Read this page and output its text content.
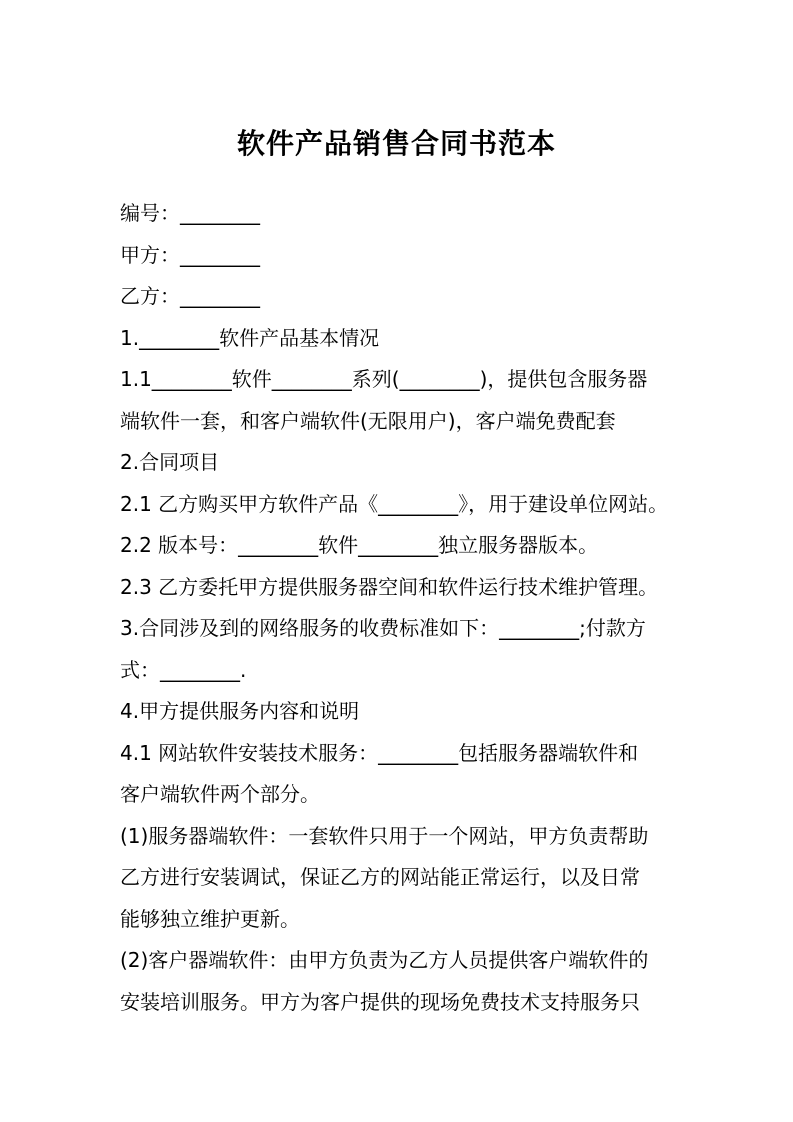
软件产品销售合同书范本
编号：________
甲方：________
乙方：________
1.________软件产品基本情况
1.1________软件________系列(________)，提供包含服务器
端软件一套，和客户端软件(无限用户)，客户端免费配套
2.合同项目
2.1 乙方购买甲方软件产品《________》，用于建设单位网站。
2.2 版本号：________软件________独立服务器版本。
2.3 乙方委托甲方提供服务器空间和软件运行技术维护管理。
3.合同涉及到的网络服务的收费标准如下：________;付款方
式：________.
4.甲方提供服务内容和说明
4.1 网站软件安装技术服务：________包括服务器端软件和
客户端软件两个部分。
(1)服务器端软件：一套软件只用于一个网站，甲方负责帮助
乙方进行安装调试，保证乙方的网站能正常运行，以及日常
能够独立维护更新。
(2)客户器端软件：由甲方负责为乙方人员提供客户端软件的
安装培训服务。甲方为客户提供的现场免费技术支持服务只
